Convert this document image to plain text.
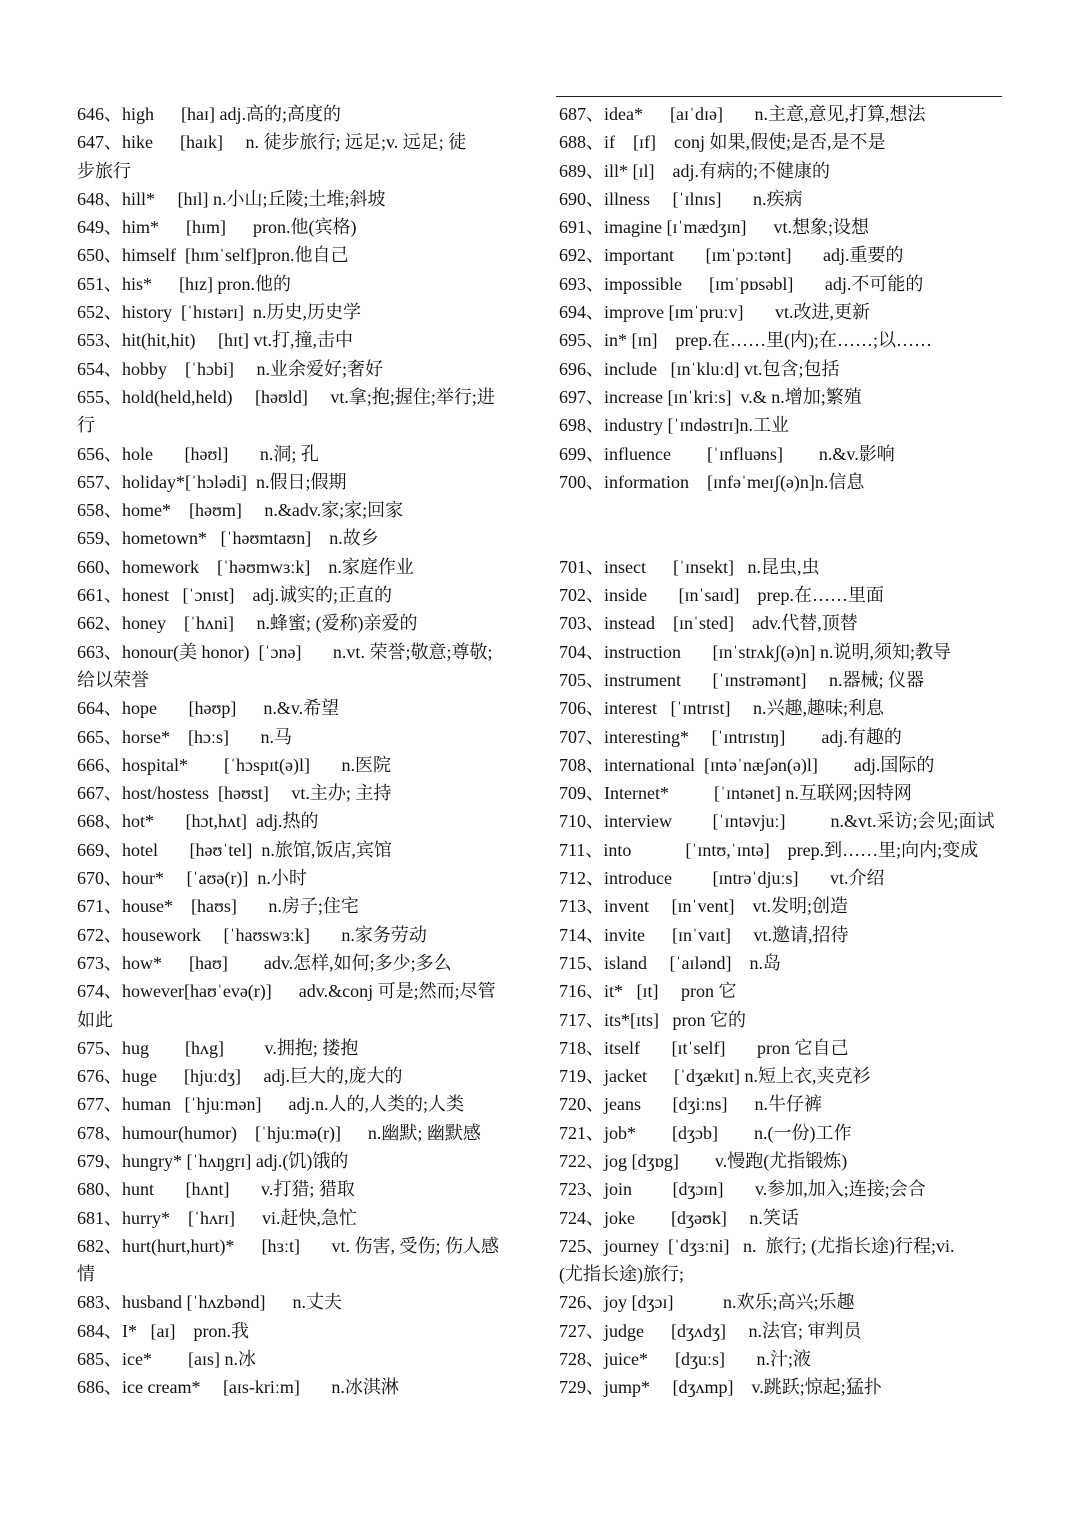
646、high      [haɪ] adj.高的;高度的
647、hike      [haɪk]     n. 徒步旅行; 远足;v. 远足; 徒
步旅行
648、hill*     [hɪl] n.小山;丘陵;土堆;斜坡
649、him*      [hɪm]      pron.他(宾格)
650、himself  [hɪmˈself]pron.他自己
651、his*      [hɪz] pron.他的
652、history  [ˈhɪstərɪ]  n.历史,历史学
653、hit(hit,hit)     [hɪt] vt.打,撞,击中
654、hobby    [ˈhɔbi]     n.业余爱好;奢好
655、hold(held,held)     [həʊld]     vt.拿;抱;握住;举行;进
行
656、hole       [həʊl]       n.洞; 孔
657、holiday*[ˈhɔlədi]  n.假日;假期
658、home*    [həʊm]     n.&adv.家;家;回家
659、hometown*   [ˈhəʊmtaʊn]    n.故乡
660、homework    [ˈhəʊmwɜːk]    n.家庭作业
661、honest   [ˈɔnɪst]    adj.诚实的;正直的
662、honey    [ˈhʌni]     n.蜂蜜; (爱称)亲爱的
663、honour(美 honor)  [ˈɔnə]       n.vt. 荣誉;敬意;尊敬;
给以荣誉
664、hope       [həʊp]      n.&v.希望
665、horse*    [hɔːs]       n.马
666、hospital*        [ˈhɔspɪt(ə)l]       n.医院
667、host/hostess  [həʊst]     vt.主办; 主持
668、hot*       [hɔt,hʌt]  adj.热的
669、hotel       [həʊˈtel]  n.旅馆,饭店,宾馆
670、hour*     [ˈaʊə(r)]  n.小时
671、house*    [haʊs]       n.房子;住宅
672、housework     [ˈhaʊswɜːk]       n.家务劳动
673、how*      [haʊ]        adv.怎样,如何;多少;多么
674、however[haʊˈevə(r)]      adv.&conj 可是;然而;尽管
如此
675、hug        [hʌg]         v.拥抱; 搂抱
676、huge      [hjuːdʒ]     adj.巨大的,庞大的
677、human   [ˈhjuːmən]      adj.n.人的,人类的;人类
678、humour(humor)    [ˈhjuːmə(r)]      n.幽默; 幽默感
679、hungry* [ˈhʌŋgrɪ] adj.(饥)饿的
680、hunt       [hʌnt]       v.打猎; 猎取
681、hurry*    [ˈhʌrɪ]      vi.赶快,急忙
682、hurt(hurt,hurt)*      [hɜːt]       vt. 伤害, 受伤; 伤人感
情
683、husband [ˈhʌzbənd]      n.丈夫
684、I*   [aɪ]    pron.我
685、ice*        [aɪs] n.冰
686、ice cream*     [aɪs-kriːm]       n.冰淇淋
687、idea*      [aɪˈdɪə]       n.主意,意见,打算,想法
688、if    [ɪf]    conj 如果,假使;是否,是不是
689、ill* [ɪl]    adj.有病的;不健康的
690、illness     [ˈɪlnɪs]       n.疾病
691、imagine [ɪˈmædʒɪn]      vt.想象;设想
692、important       [ɪmˈpɔːtənt]       adj.重要的
693、impossible      [ɪmˈpɒsəbl]       adj.不可能的
694、improve [ɪmˈpruːv]       vt.改进,更新
695、in* [ɪn]    prep.在……里(内);在……;以……
696、include   [ɪnˈkluːd] vt.包含;包括
697、increase [ɪnˈkriːs]  v.& n.增加;繁殖
698、industry [ˈɪndəstrɪ]n.工业
699、influence        [ˈɪnfluəns]        n.&v.影响
700、information    [ɪnfəˈmeɪʃ(ə)n]n.信息
701、insect      [ˈɪnsekt]   n.昆虫,虫
702、inside       [ɪnˈsaɪd]    prep.在……里面
703、instead    [ɪnˈsted]    adv.代替,顶替
704、instruction       [ɪnˈstrʌkʃ(ə)n] n.说明,须知;教导
705、instrument       [ˈɪnstrəmənt]     n.器械; 仪器
706、interest   [ˈɪntrɪst]     n.兴趣,趣味;利息
707、interesting*     [ˈɪntrɪstɪŋ]        adj.有趣的
708、international  [ɪntəˈnæʃən(ə)l]        adj.国际的
709、Internet*          [ˈɪntənet] n.互联网;因特网
710、interview         [ˈɪntəvjuː]          n.&vt.采访;会见;面试
711、into            [ˈɪntʊ,ˈɪntə]    prep.到……里;向内;变成
712、introduce         [ɪntrəˈdjuːs]       vt.介绍
713、invent     [ɪnˈvent]    vt.发明;创造
714、invite      [ɪnˈvaɪt]     vt.邀请,招待
715、island     [ˈaɪlənd]    n.岛
716、it*   [ɪt]     pron 它
717、its*[ɪts]   pron 它的
718、itself       [ɪtˈself]       pron 它自己
719、jacket      [ˈdʒækɪt] n.短上衣,夹克衫
720、jeans       [dʒiːns]      n.牛仔裤
721、job*        [dʒɔb]        n.(一份)工作
722、jog [dʒɒg]        v.慢跑(尤指锻炼)
723、join         [dʒɔɪn]       v.参加,加入;连接;会合
724、joke        [dʒəʊk]     n.笑话
725、journey  [ˈdʒɜːni]   n.  旅行; (尤指长途)行程;vi.
(尤指长途)旅行;
726、joy [dʒɔɪ]           n.欢乐;高兴;乐趣
727、judge      [dʒʌdʒ]     n.法官; 审判员
728、juice*      [dʒuːs]       n.汁;液
729、jump*     [dʒʌmp]    v.跳跃;惊起;猛扑
